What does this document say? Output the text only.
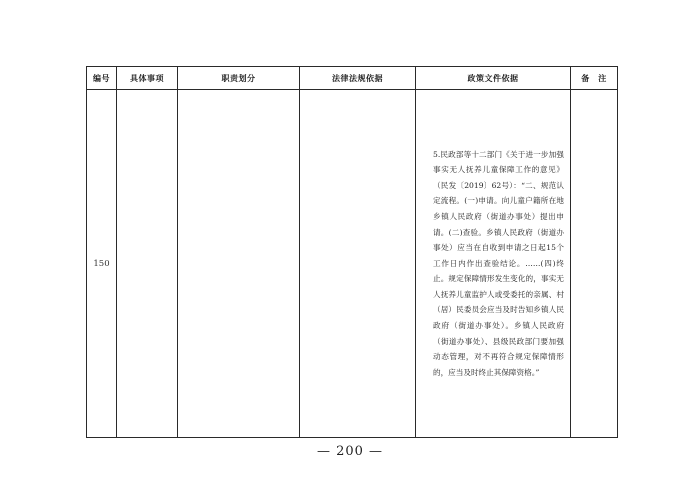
编号	具体事项	职责划分	法律法规依据	政策文件依据	备　注
150				5.民政部等十二部门《关于进一步加强事实无人抚养儿童保障工作的意见》（民发〔2019〕62号）：“二、规范认定流程。(一)申请。向儿童户籍所在地乡镇人民政府（街道办事处）提出申请。(二)查验。乡镇人民政府（街道办事处）应当在自收到申请之日起15个工作日内作出查验结论。……(四)终止。规定保障情形发生变化的，事实无人抚养儿童监护人或受委托的亲属、村（居）民委员会应当及时告知乡镇人民政府（街道办事处）。乡镇人民政府（街道办事处）、县级民政部门要加强动态管理，对不再符合规定保障情形的，应当及时终止其保障资格。”	

— 200 —
